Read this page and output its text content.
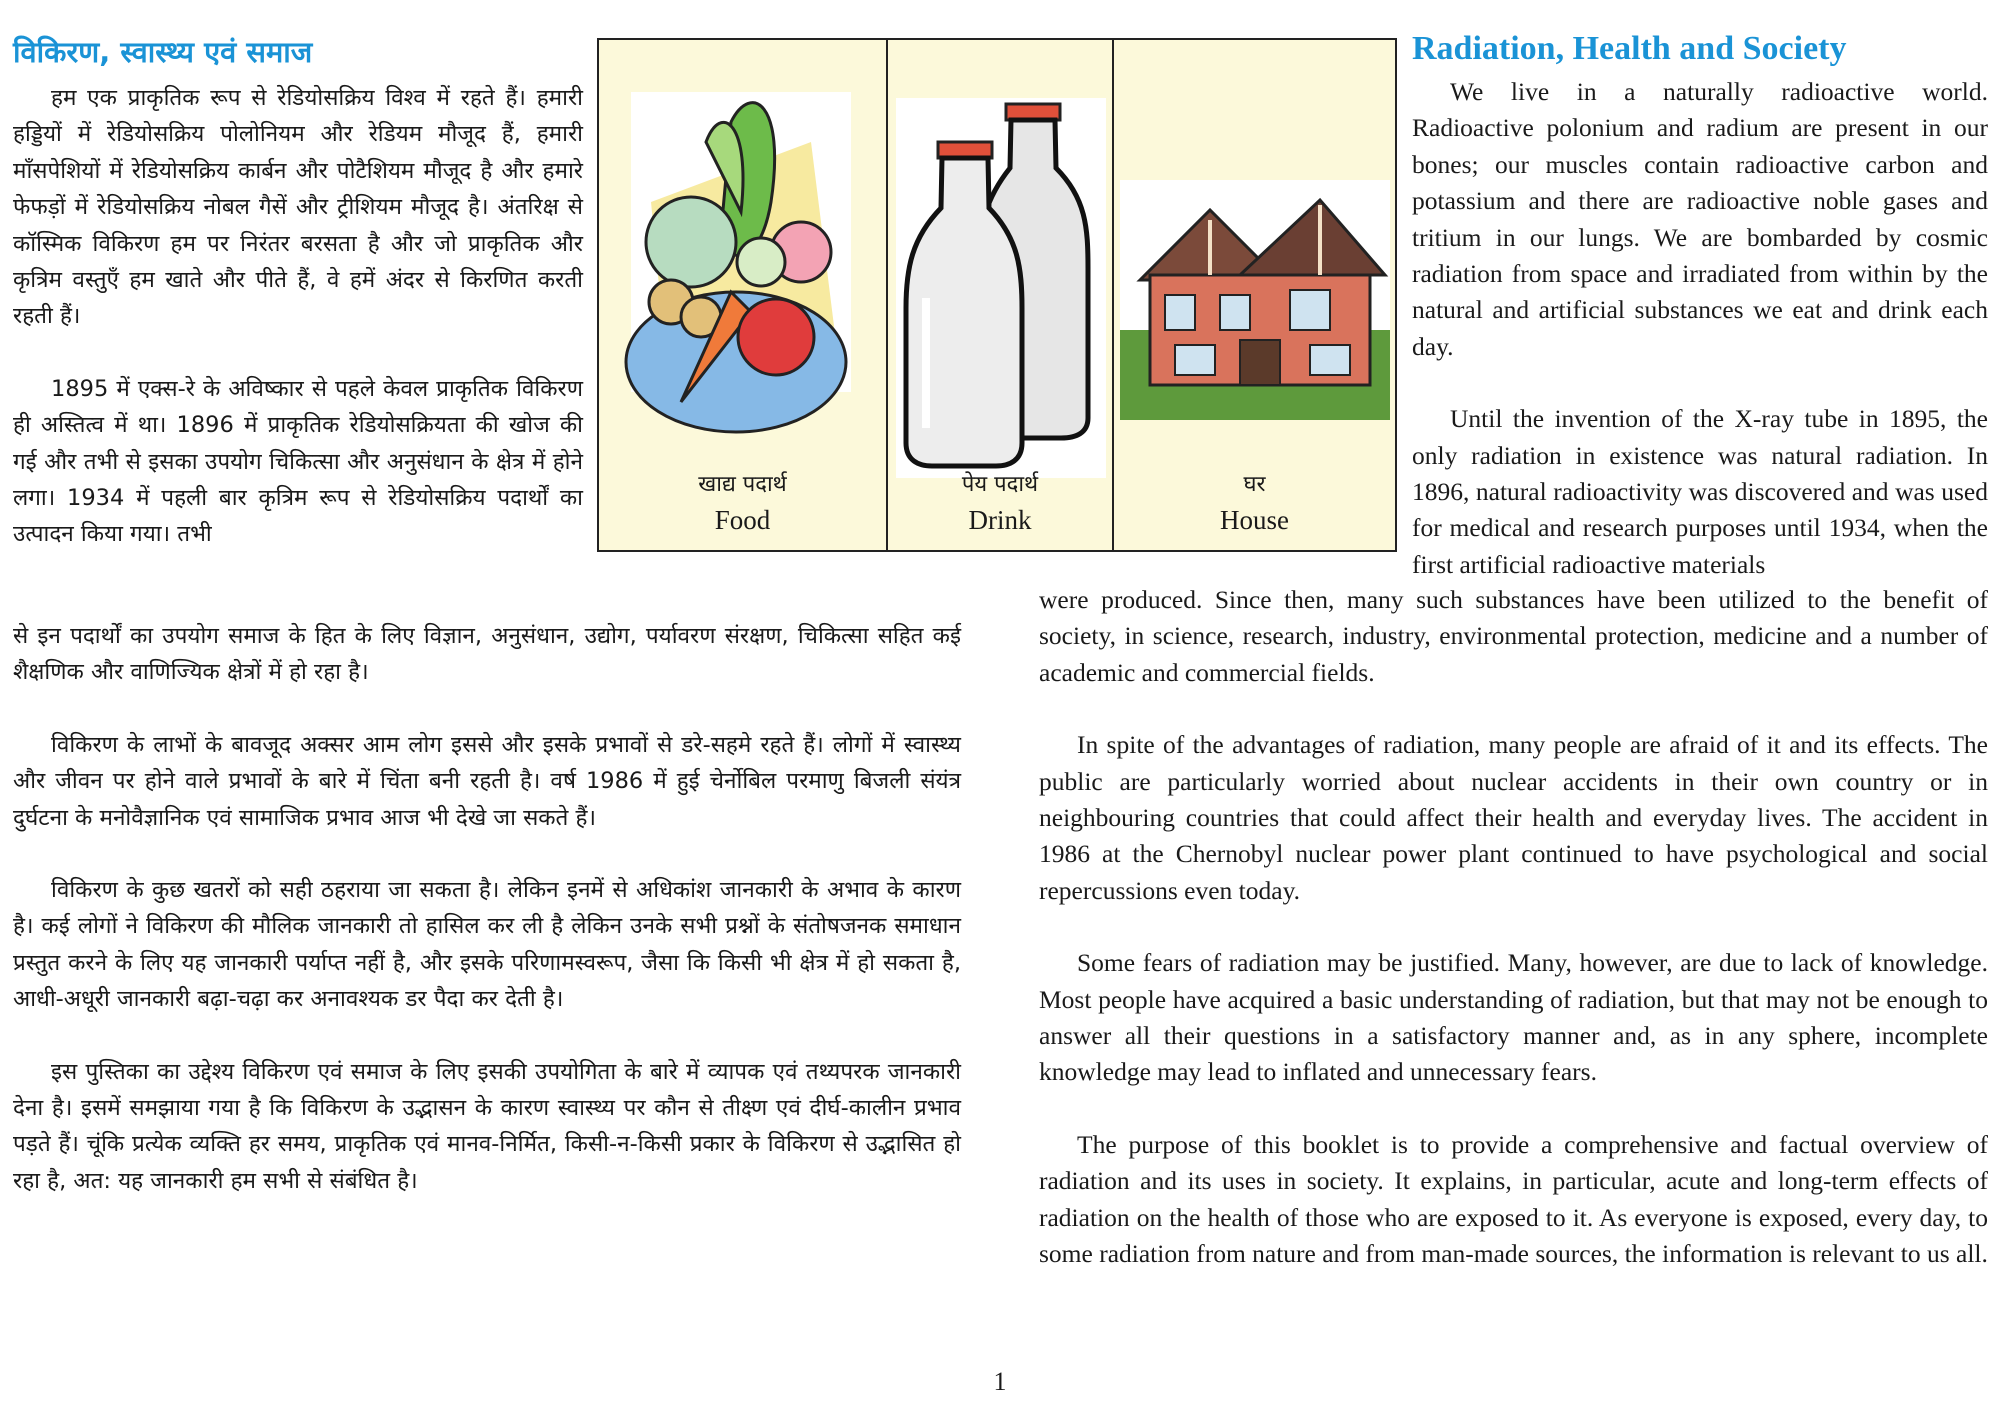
विकिरण, स्वास्थ्य एवं समाज

हम एक प्राकृतिक रूप से रेडियोसक्रिय विश्व में रहते हैं। हमारी हड्डियों में रेडियोसक्रिय पोलोनियम और रेडियम मौजूद हैं, हमारी माँसपेशियों में रेडियोसक्रिय कार्बन और पोटैशियम मौजूद है और हमारे फेफड़ों में रेडियोसक्रिय नोबल गैसें और ट्रीशियम मौजूद है। अंतरिक्ष से कॉस्मिक विकिरण हम पर निरंतर बरसता है और जो प्राकृतिक और कृत्रिम वस्तुएँ हम खाते और पीते हैं, वे हमें अंदर से किरणित करती रहती हैं।

1895 में एक्स-रे के अविष्कार से पहले केवल प्राकृतिक विकिरण ही अस्तित्व में था। 1896 में प्राकृतिक रेडियोसक्रियता की खोज की गई और तभी से इसका उपयोग चिकित्सा और अनुसंधान के क्षेत्र में होने लगा। 1934 में पहली बार कृत्रिम रूप से रेडियोसक्रिय पदार्थों का उत्पादन किया गया। तभी

से इन पदार्थों का उपयोग समाज के हित के लिए विज्ञान, अनुसंधान, उद्योग, पर्यावरण संरक्षण, चिकित्सा सहित कई शैक्षणिक और वाणिज्यिक क्षेत्रों में हो रहा है।

विकिरण के लाभों के बावजूद अक्सर आम लोग इससे और इसके प्रभावों से डरे-सहमे रहते हैं। लोगों में स्वास्थ्य और जीवन पर होने वाले प्रभावों के बारे में चिंता बनी रहती है। वर्ष 1986 में हुई चेर्नोबिल परमाणु बिजली संयंत्र दुर्घटना के मनोवैज्ञानिक एवं सामाजिक प्रभाव आज भी देखे जा सकते हैं।

विकिरण के कुछ खतरों को सही ठहराया जा सकता है। लेकिन इनमें से अधिकांश जानकारी के अभाव के कारण है। कई लोगों ने विकिरण की मौलिक जानकारी तो हासिल कर ली है लेकिन उनके सभी प्रश्नों के संतोषजनक समाधान प्रस्तुत करने के लिए यह जानकारी पर्याप्त नहीं है, और इसके परिणामस्वरूप, जैसा कि किसी भी क्षेत्र में हो सकता है, आधी-अधूरी जानकारी बढ़ा-चढ़ा कर अनावश्यक डर पैदा कर देती है।

इस पुस्तिका का उद्देश्य विकिरण एवं समाज के लिए इसकी उपयोगिता के बारे में व्यापक एवं तथ्यपरक जानकारी देना है। इसमें समझाया गया है कि विकिरण के उद्भासन के कारण स्वास्थ्य पर कौन से तीक्ष्ण एवं दीर्घ-कालीन प्रभाव पड़ते हैं। चूंकि प्रत्येक व्यक्ति हर समय, प्राकृतिक एवं मानव-निर्मित, किसी-न-किसी प्रकार के विकिरण से उद्भासित हो रहा है, अत: यह जानकारी हम सभी से संबंधित है।

खाद्य पदार्थ
Food
पेय पदार्थ
Drink
घर
House
Radiation, Health and Society

We live in a naturally radioactive world. Radioactive polonium and radium are present in our bones; our muscles contain radioactive carbon and potassium and there are radioactive noble gases and tritium in our lungs. We are bombarded by cosmic radiation from space and irradiated from within by the natural and artificial substances we eat and drink each day.

Until the invention of the X-ray tube in 1895, the only radiation in existence was natural radiation. In 1896, natural radioactivity was discovered and was used for medical and research purposes until 1934, when the first artificial radioactive materials

were produced. Since then, many such substances have been utilized to the benefit of society, in science, research, industry, environmental protection, medicine and a number of academic and commercial fields.

In spite of the advantages of radiation, many people are afraid of it and its effects. The public are particularly worried about nuclear accidents in their own country or in neighbouring countries that could affect their health and everyday lives. The accident in 1986 at the Chernobyl nuclear power plant continued to have psychological and social repercussions even today.

Some fears of radiation may be justified. Many, however, are due to lack of knowledge. Most people have acquired a basic understanding of radiation, but that may not be enough to answer all their questions in a satisfactory manner and, as in any sphere, incomplete knowledge may lead to inflated and unnecessary fears.

The purpose of this booklet is to provide a comprehensive and factual overview of radiation and its uses in society. It explains, in particular, acute and long-term effects of radiation on the health of those who are exposed to it. As everyone is exposed, every day, to some radiation from nature and from man-made sources, the information is relevant to us all.

1
